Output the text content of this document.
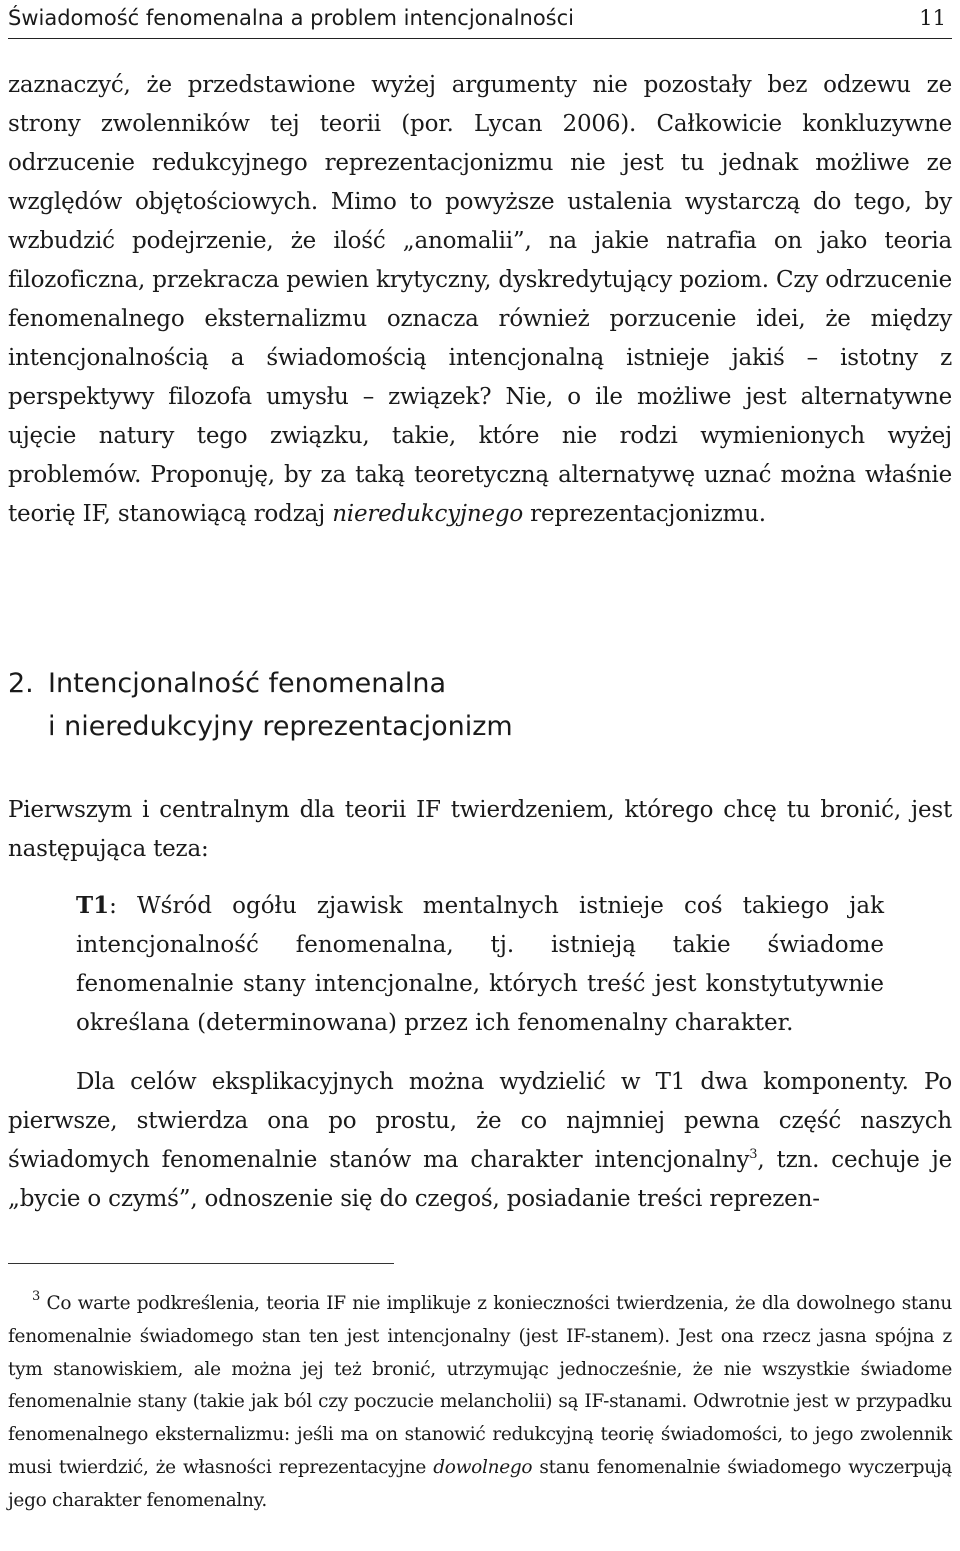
Świadomość fenomenalna a problem intencjonalności	11

zaznaczyć, że przedstawione wyżej argumenty nie pozostały bez odzewu ze strony zwolenników tej teorii (por. Lycan 2006). Całkowicie konkluzywne odrzucenie redukcyjnego reprezentacjonizmu nie jest tu jednak możliwe ze względów objętościowych. Mimo to powyższe ustalenia wystarczą do tego, by wzbudzić podejrzenie, że ilość „anomalii”, na jakie natrafia on jako teoria filozoficzna, przekracza pewien krytyczny, dyskredytujący poziom. Czy odrzucenie fenomenalnego eksternalizmu oznacza również porzucenie idei, że między intencjonalnością a świadomością intencjonalną istnieje jakiś – istotny z perspektywy filozofa umysłu – związek? Nie, o ile możliwe jest alternatywne ujęcie natury tego związku, takie, które nie rodzi wymienionych wyżej problemów. Proponuję, by za taką teoretyczną alternatywę uznać można właśnie teorię IF, stanowiącą rodzaj nieredukcyjnego reprezentacjonizmu.

2. Intencjonalność fenomenalna
i nieredukcyjny reprezentacjonizm

Pierwszym i centralnym dla teorii IF twierdzeniem, którego chcę tu bronić, jest następująca teza:

T1: Wśród ogółu zjawisk mentalnych istnieje coś takiego jak intencjonalność fenomenalna, tj. istnieją takie świadome fenomenalnie stany intencjonalne, których treść jest konstytutywnie określana (determinowana) przez ich fenomenalny charakter.

Dla celów eksplikacyjnych można wydzielić w T1 dwa komponenty. Po pierwsze, stwierdza ona po prostu, że co najmniej pewna część naszych świadomych fenomenalnie stanów ma charakter intencjonalny$^3$, tzn. cechuje je „bycie o czymś”, odnoszenie się do czegoś, posiadanie treści reprezen-

$^3$ Co warte podkreślenia, teoria IF nie implikuje z konieczności twierdzenia, że dla dowolnego stanu fenomenalnie świadomego stan ten jest intencjonalny (jest IF-stanem). Jest ona rzecz jasna spójna z tym stanowiskiem, ale można jej też bronić, utrzymując jednocześnie, że nie wszystkie świadome fenomenalnie stany (takie jak ból czy poczucie melancholii) są IF-stanami. Odwrotnie jest w przypadku fenomenalnego eksternalizmu: jeśli ma on stanowić redukcyjną teorię świadomości, to jego zwolennik musi twierdzić, że własności reprezentacyjne dowolnego stanu fenomenalnie świadomego wyczerpują jego charakter fenomenalny.
